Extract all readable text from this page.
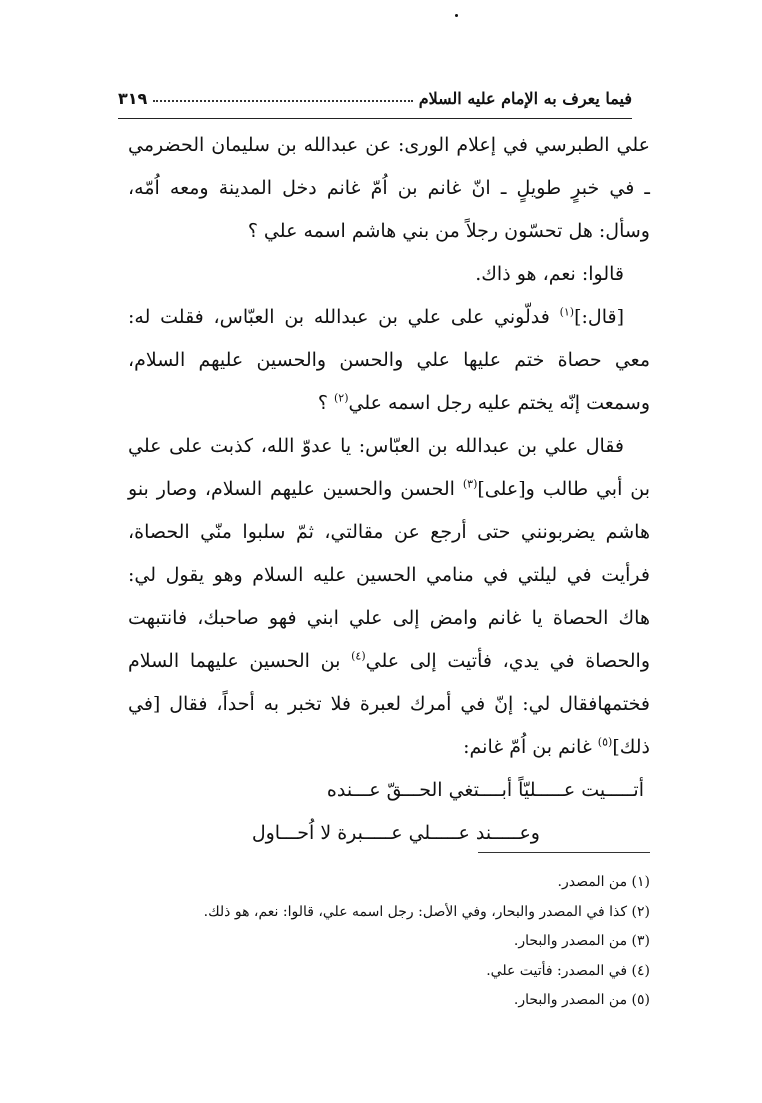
٣١٩	فيما يعرف به الإمام عليه السلام

علي الطبرسي في إعلام الورى: عن عبدالله بن سليمان الحضرمي ـ في خبرٍ طويلٍ ـ انّ غانم بن اُمّ غانم دخل المدينة ومعه اُمّه، وسأل: هل تحسّون رجلاً من بني هاشم اسمه علي ؟

قالوا: نعم، هو ذاك.

[قال:]$^{(١)}$ فدلّوني على علي بن عبدالله بن العبّاس، فقلت له: معي حصاة ختم عليها علي والحسن والحسين عليهم السلام، وسمعت إنّه يختم عليه رجل اسمه علي$^{(٢)}$ ؟

فقال علي بن عبدالله بن العبّاس: يا عدوّ الله، كذبت على علي بن أبي طالب و[على]$^{(٣)}$ الحسن والحسين عليهم السلام، وصار بنو هاشم يضربونني حتى أرجع عن مقالتي، ثمّ سلبوا منّي الحصاة، فرأيت في ليلتي في منامي الحسين عليه السلام وهو يقول لي: هاك الحصاة يا غانم وامض إلى علي ابني فهو صاحبك، فانتبهت والحصاة في يدي، فأتيت إلى علي$^{(٤)}$ بن الحسين عليهما السلام فختمهافقال لي: إنّ في أمرك لعبرة فلا تخبر به أحداً، فقال [في ذلك]$^{(٥)}$ غانم بن اُمّ غانم:

أتـــــيت عـــــليّاً أبــــتغي الحـــقّ عـــنده

وعـــــند عـــــلي عـــــبرة لا اُحـــاول

(١) من المصدر.
(٢) كذا في المصدر والبحار، وفي الأصل: رجل اسمه علي، قالوا: نعم، هو ذلك.
(٣) من المصدر والبحار.
(٤) في المصدر: فأتيت علي.
(٥) من المصدر والبحار.
